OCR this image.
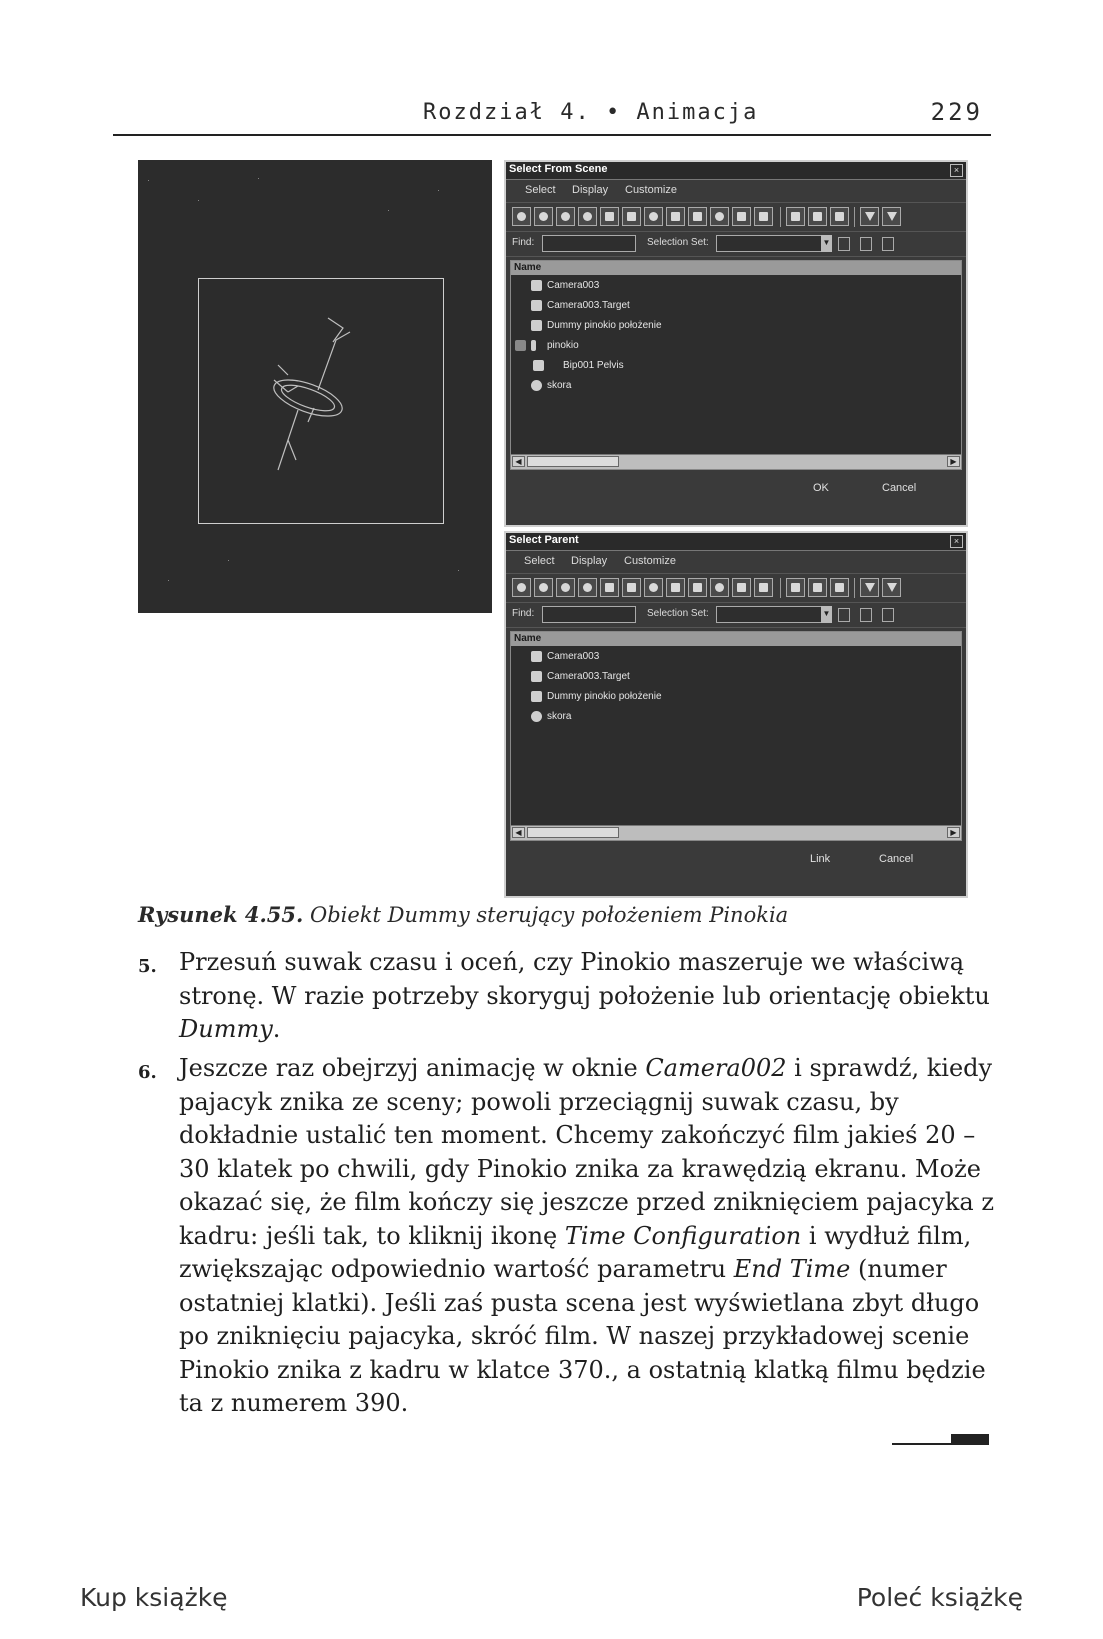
Rozdział 4. • Animacja	229
Select From Scene	×
Select Display Customize
Find:	Selection Set:	▼
Name
Camera003
Camera003.Target
Dummy pinokio położenie
pinokio
Bip001 Pelvis
skora
◀	▶
OK	Cancel
Select Parent	×
Select Display Customize
Find:	Selection Set:	▼
Name
Camera003
Camera003.Target
Dummy pinokio położenie
skora
◀	▶
Link	Cancel
Rysunek 4.55. Obiekt Dummy sterujący położeniem Pinokia
5. Przesuń suwak czasu i oceń, czy Pinokio maszeruje we właściwą stronę. W razie potrzeby skoryguj położenie lub orientację obiektu Dummy.
6. Jeszcze raz obejrzyj animację w oknie Camera002 i sprawdź, kiedy pajacyk znika ze sceny; powoli przeciągnij suwak czasu, by dokładnie ustalić ten moment. Chcemy zakończyć film jakieś 20 – 30 klatek po chwili, gdy Pinokio znika za krawędzią ekranu. Może okazać się, że film kończy się jeszcze przed zniknięciem pajacyka z kadru: jeśli tak, to kliknij ikonę Time Configuration i wydłuż film, zwiększając odpowiednio wartość parametru End Time (numer ostatniej klatki). Jeśli zaś pusta scena jest wyświetlana zbyt długo po zniknięciu pajacyka, skróć film. W naszej przykładowej scenie Pinokio znika z kadru w klatce 370., a ostatnią klatką filmu będzie ta z numerem 390.
Kup książkę	Poleć książkę
